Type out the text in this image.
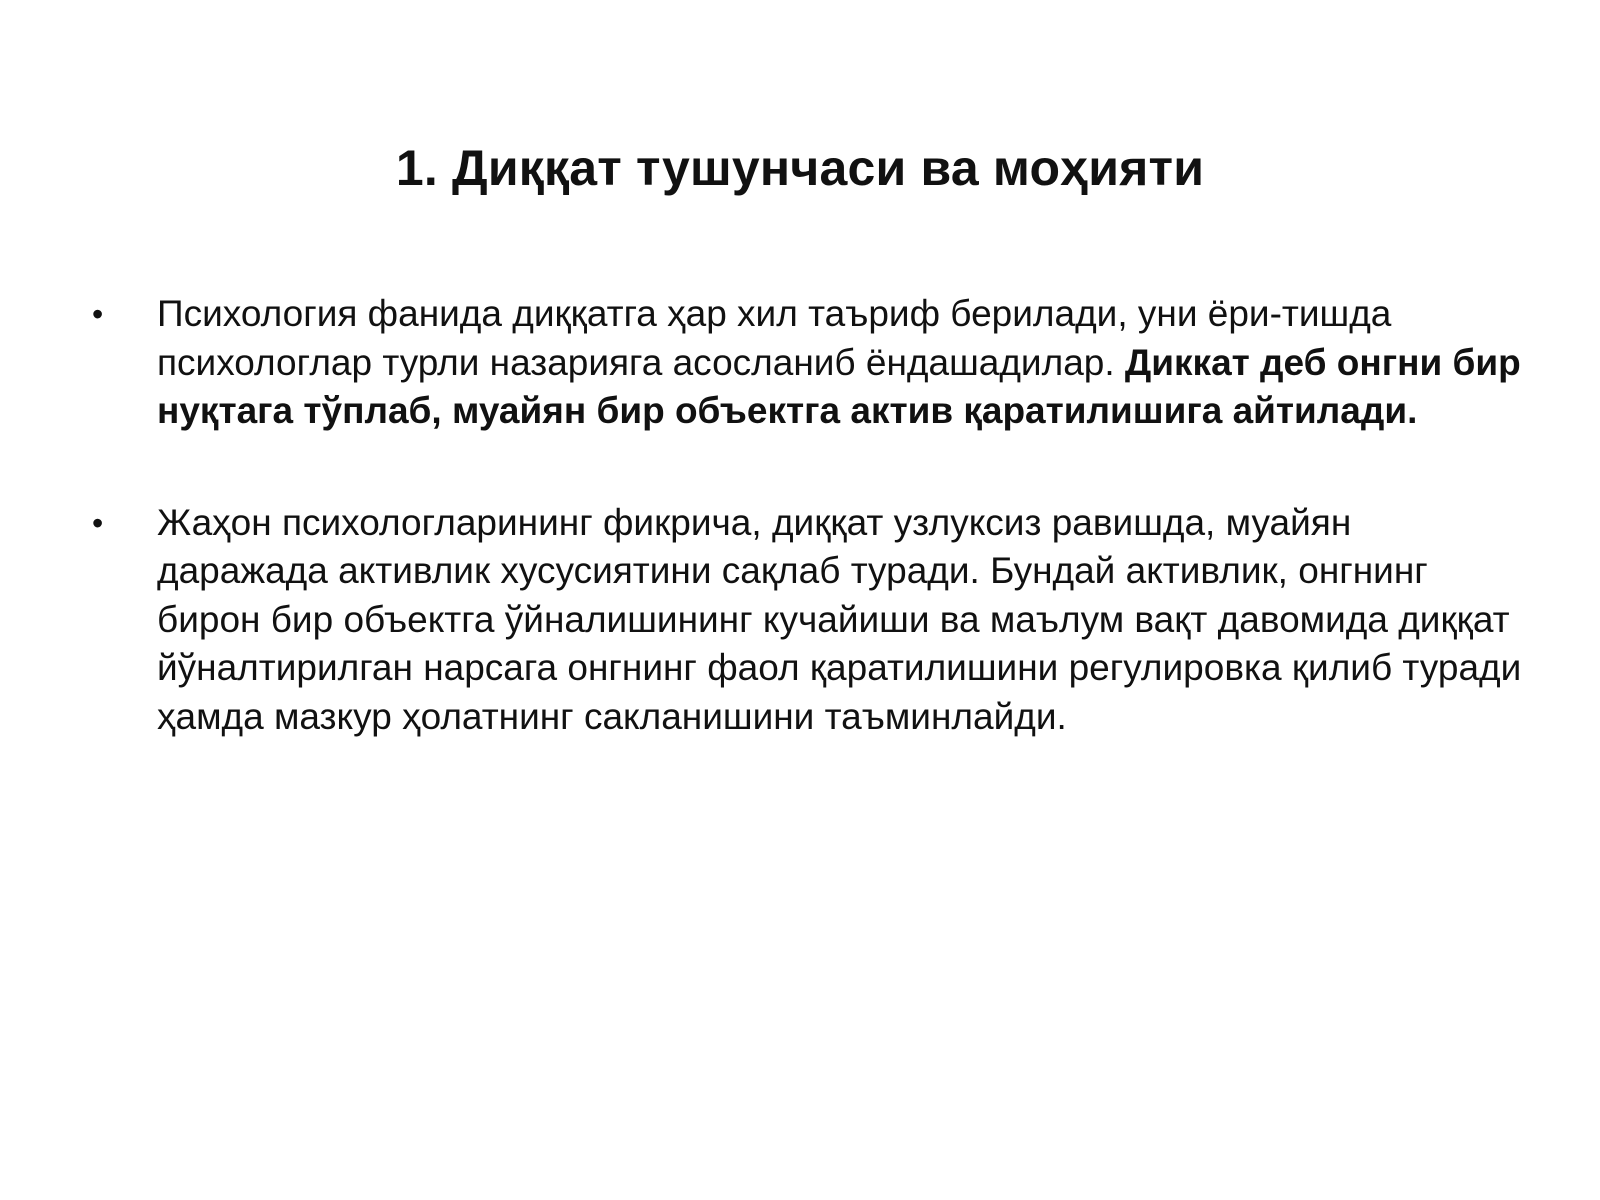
1. Диққат тушунчаси ва моҳияти
• Психология фанида диққатга ҳар хил таъриф берилади, уни ёри-тишда психологлар турли назарияга асосланиб ёндашадилар. Диккат деб онгни бир нуқтага тўплаб, муайян бир объектга актив қаратилишига айтилади.
• Жаҳон психологларининг фикрича, диққат узлуксиз равишда, муайян даражада активлик хусусиятини сақлаб туради. Бундай активлик, онгнинг бирон бир объектга ўйналишининг кучайиши ва маълум вақт давомида диққат йўналтирилган нарсага онгнинг фаол қаратилишини регулировка қилиб туради ҳамда мазкур ҳолатнинг сакланишини таъминлайди.
